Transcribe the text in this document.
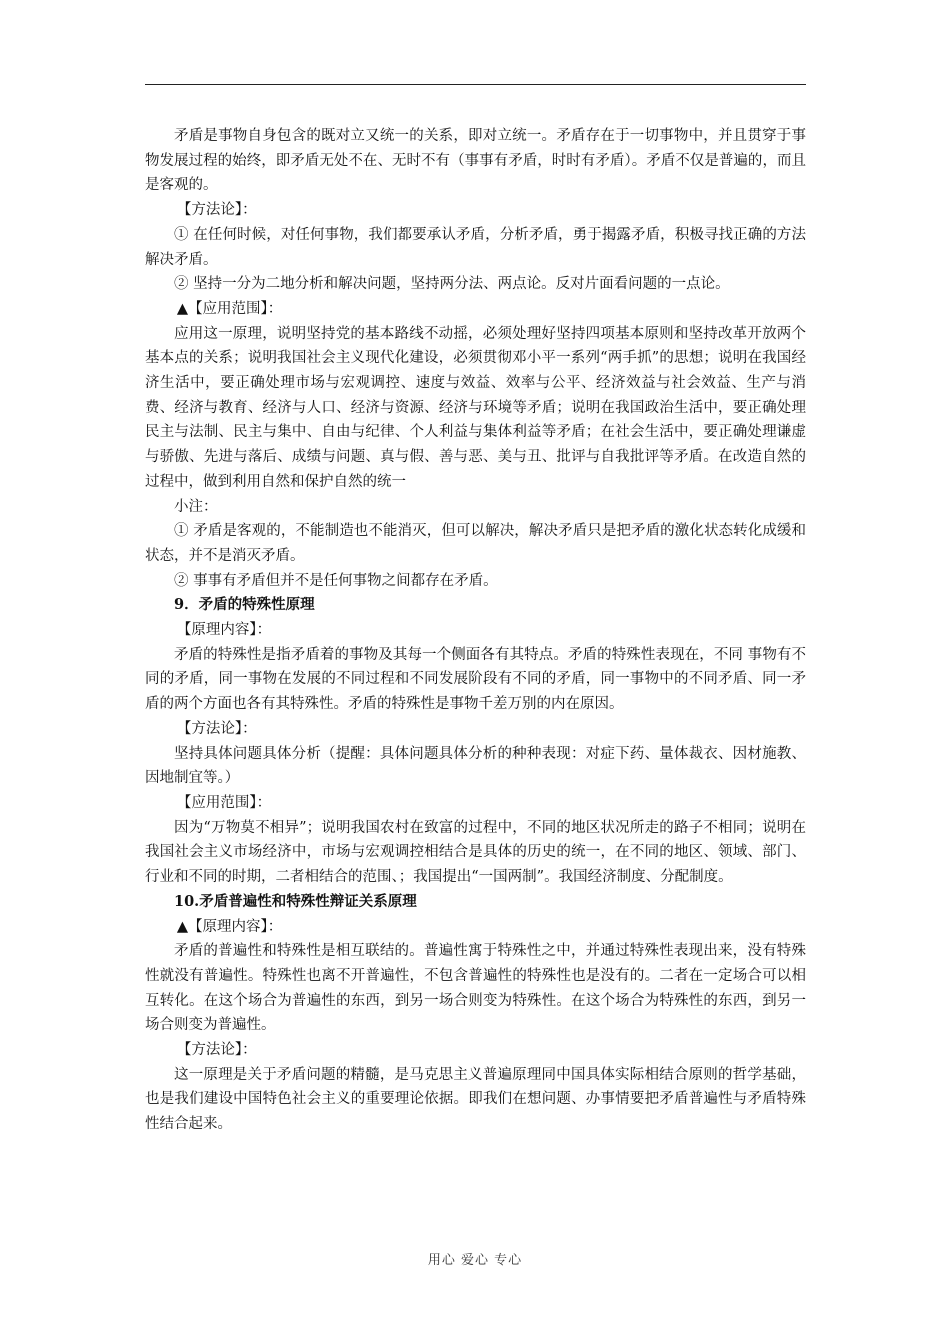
矛盾是事物自身包含的既对立又统一的关系，即对立统一。矛盾存在于一切事物中，并且贯穿于事物发展过程的始终，即矛盾无处不在、无时不有（事事有矛盾，时时有矛盾）。矛盾不仅是普遍的，而且是客观的。

【方法论】：

① 在任何时候，对任何事物，我们都要承认矛盾，分析矛盾，勇于揭露矛盾，积极寻找正确的方法解决矛盾。

② 坚持一分为二地分析和解决问题，坚持两分法、两点论。反对片面看问题的一点论。

▲【应用范围】：

应用这一原理，说明坚持党的基本路线不动摇，必须处理好坚持四项基本原则和坚持改革开放两个基本点的关系；说明我国社会主义现代化建设，必须贯彻邓小平一系列“两手抓”的思想；说明在我国经济生活中，要正确处理市场与宏观调控、速度与效益、效率与公平、经济效益与社会效益、生产与消费、经济与教育、经济与人口、经济与资源、经济与环境等矛盾；说明在我国政治生活中，要正确处理民主与法制、民主与集中、自由与纪律、个人利益与集体利益等矛盾；在社会生活中，要正确处理谦虚与骄傲、先进与落后、成绩与问题、真与假、善与恶、美与丑、批评与自我批评等矛盾。在改造自然的过程中，做到利用自然和保护自然的统一

小注：

① 矛盾是客观的，不能制造也不能消灭，但可以解决，解决矛盾只是把矛盾的激化状态转化成缓和状态，并不是消灭矛盾。

② 事事有矛盾但并不是任何事物之间都存在矛盾。

9．矛盾的特殊性原理

【原理内容】：

矛盾的特殊性是指矛盾着的事物及其每一个侧面各有其特点。矛盾的特殊性表现在，不同 事物有不同的矛盾，同一事物在发展的不同过程和不同发展阶段有不同的矛盾，同一事物中的不同矛盾、同一矛盾的两个方面也各有其特殊性。矛盾的特殊性是事物千差万别的内在原因。

【方法论】：

坚持具体问题具体分析（提醒：具体问题具体分析的种种表现：对症下药、量体裁衣、因材施教、因地制宜等。）

【应用范围】：

因为“万物莫不相异”；说明我国农村在致富的过程中，不同的地区状况所走的路子不相同；说明在我国社会主义市场经济中，市场与宏观调控相结合是具体的历史的统一，在不同的地区、领域、部门、行业和不同的时期，二者相结合的范围、；我国提出“一国两制”。我国经济制度、分配制度。

10.矛盾普遍性和特殊性辩证关系原理

▲【原理内容】：

矛盾的普遍性和特殊性是相互联结的。普遍性寓于特殊性之中，并通过特殊性表现出来，没有特殊性就没有普遍性。特殊性也离不开普遍性，不包含普遍性的特殊性也是没有的。二者在一定场合可以相互转化。在这个场合为普遍性的东西，到另一场合则变为特殊性。在这个场合为特殊性的东西，到另一场合则变为普遍性。

【方法论】：

这一原理是关于矛盾问题的精髓，是马克思主义普遍原理同中国具体实际相结合原则的哲学基础，也是我们建设中国特色社会主义的重要理论依据。即我们在想问题、办事情要把矛盾普遍性与矛盾特殊性结合起来。

用心 爱心 专心
